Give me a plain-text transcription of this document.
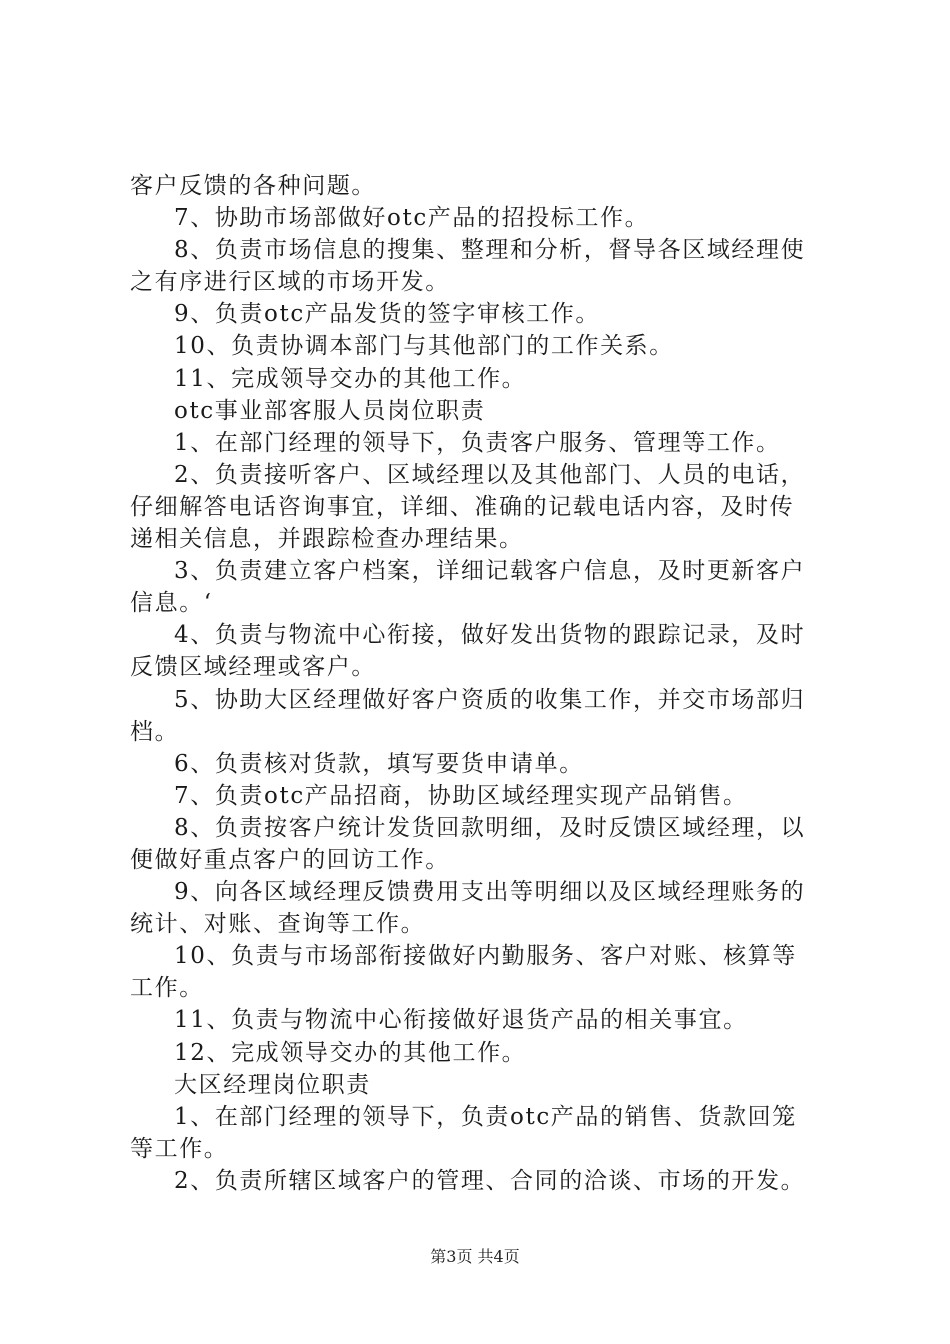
客户反馈的各种问题。
7、协助市场部做好otc产品的招投标工作。
8、负责市场信息的搜集、整理和分析，督导各区域经理使
之有序进行区域的市场开发。
9、负责otc产品发货的签字审核工作。
10、负责协调本部门与其他部门的工作关系。
11、完成领导交办的其他工作。
otc事业部客服人员岗位职责
1、在部门经理的领导下，负责客户服务、管理等工作。
2、负责接听客户、区域经理以及其他部门、人员的电话，
仔细解答电话咨询事宜，详细、准确的记载电话内容，及时传
递相关信息，并跟踪检查办理结果。
3、负责建立客户档案，详细记载客户信息，及时更新客户
信息。‘
4、负责与物流中心衔接，做好发出货物的跟踪记录，及时
反馈区域经理或客户。
5、协助大区经理做好客户资质的收集工作，并交市场部归
档。
6、负责核对货款，填写要货申请单。
7、负责otc产品招商，协助区域经理实现产品销售。
8、负责按客户统计发货回款明细，及时反馈区域经理，以
便做好重点客户的回访工作。
9、向各区域经理反馈费用支出等明细以及区域经理账务的
统计、对账、查询等工作。
10、负责与市场部衔接做好内勤服务、客户对账、核算等
工作。
11、负责与物流中心衔接做好退货产品的相关事宜。
12、完成领导交办的其他工作。
大区经理岗位职责
1、在部门经理的领导下，负责otc产品的销售、货款回笼
等工作。
2、负责所辖区域客户的管理、合同的洽谈、市场的开发。
第3页 共4页
